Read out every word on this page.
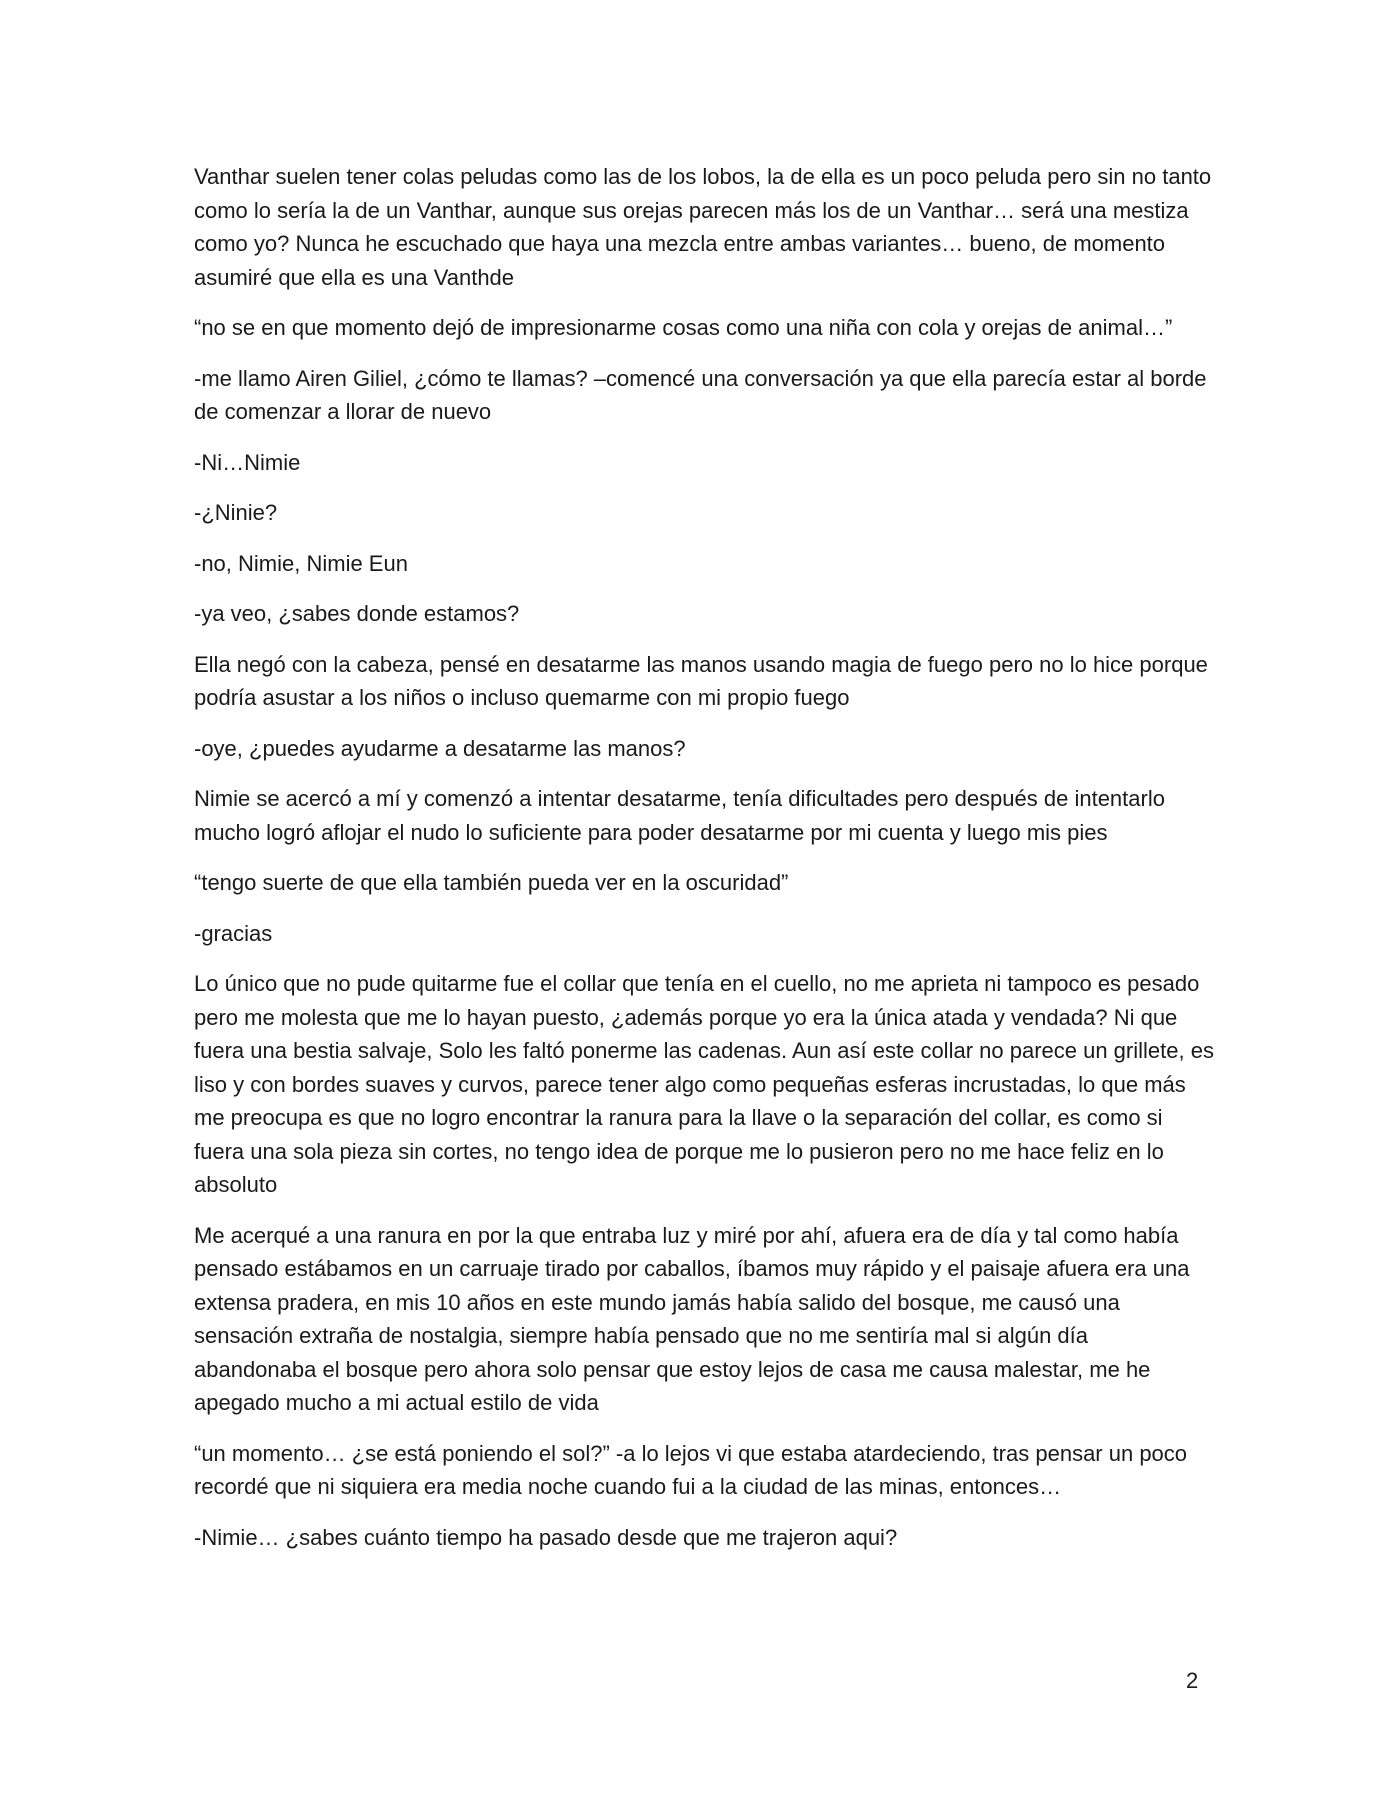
Vanthar suelen tener colas peludas como las de los lobos, la de ella es un poco peluda pero sin no tanto como lo sería la de un Vanthar, aunque sus orejas parecen más los de un Vanthar… será una mestiza como yo? Nunca he escuchado que haya una mezcla entre ambas variantes… bueno, de momento asumiré que ella es una Vanthde

“no se en que momento dejó de impresionarme cosas como una niña con cola y orejas de animal…”

-me llamo Airen Giliel, ¿cómo te llamas? –comencé una conversación ya que ella parecía estar al borde de comenzar a llorar de nuevo

-Ni…Nimie

-¿Ninie?

-no, Nimie, Nimie Eun

-ya veo, ¿sabes donde estamos?

Ella negó con la cabeza, pensé en desatarme las manos usando magia de fuego pero no lo hice porque podría asustar a los niños o incluso quemarme con mi propio fuego

-oye, ¿puedes ayudarme a desatarme las manos?

Nimie se acercó a mí y comenzó a intentar desatarme, tenía dificultades pero después de intentarlo mucho logró aflojar el nudo lo suficiente para poder desatarme por mi cuenta y luego mis pies

“tengo suerte de que ella también pueda ver en la oscuridad”

-gracias

Lo único que no pude quitarme fue el collar que tenía en el cuello, no me aprieta ni tampoco es pesado pero me molesta que me lo hayan puesto, ¿además porque yo era la única atada y vendada? Ni que fuera una bestia salvaje, Solo les faltó ponerme las cadenas. Aun así este collar no parece un grillete, es liso y con bordes suaves y curvos, parece tener algo como pequeñas esferas incrustadas, lo que más me preocupa es que no logro encontrar la ranura para la llave o la separación del collar, es como si fuera una sola pieza sin cortes, no tengo idea de porque me lo pusieron pero no me hace feliz en lo absoluto

Me acerqué a una ranura en por la que entraba luz y miré por ahí, afuera era de día y tal como había pensado estábamos en un carruaje tirado por caballos, íbamos muy rápido y el paisaje afuera era una extensa pradera, en mis 10 años en este mundo jamás había salido del bosque, me causó una sensación extraña de nostalgia, siempre había pensado que no me sentiría mal si algún día abandonaba el bosque pero ahora solo pensar que estoy lejos de casa me causa malestar, me he apegado mucho a mi actual estilo de vida

“un momento… ¿se está poniendo el sol?” -a lo lejos vi que estaba atardeciendo, tras pensar un poco recordé que ni siquiera era media noche cuando fui a la ciudad de las minas, entonces…

-Nimie… ¿sabes cuánto tiempo ha pasado desde que me trajeron aqui?

2
